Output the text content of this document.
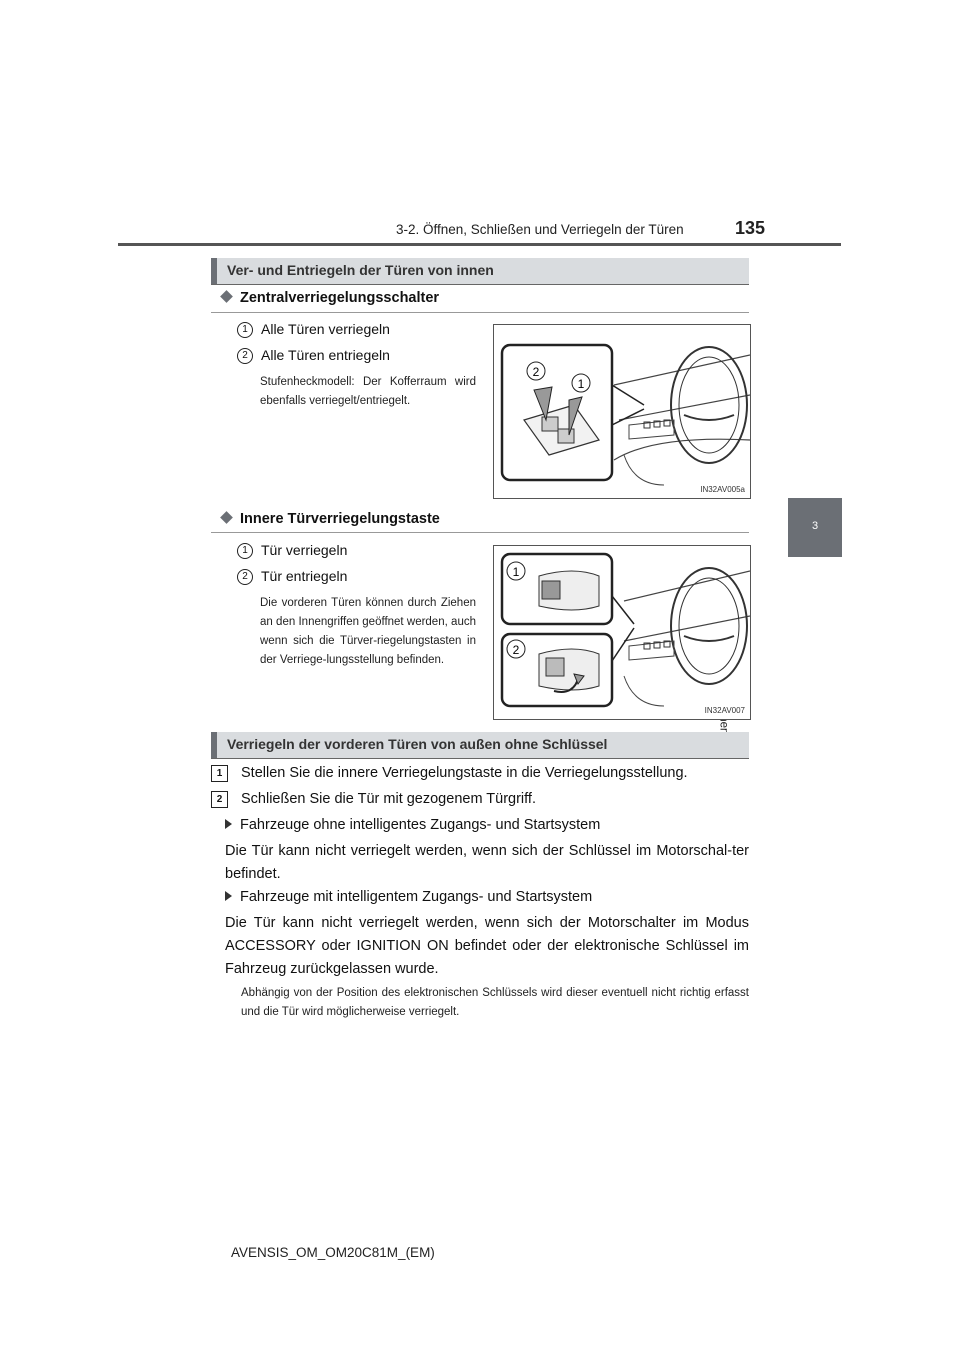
3-2. Öffnen, Schließen und Verriegeln der Türen	135
3
Ver- und Entriegeln der Türen von innen
Zentralverriegelungsschalter
1 Alle Türen verriegeln
2 Alle Türen entriegeln
Stufenheckmodell: Der Kofferraum wird ebenfalls verriegelt/entriegelt.
2
1
IN32AV005a
Innere Türverriegelungstaste
1 Tür verriegeln
2 Tür entriegeln
Die vorderen Türen können durch Ziehen an den Innengriffen geöffnet werden, auch wenn sich die Türver-riegelungstasten in der Verriege-lungsstellung befinden.
1
2
IN32AV007
Verriegeln der vorderen Türen von außen ohne Schlüssel
1	Stellen Sie die innere Verriegelungstaste in die Verriegelungsstellung.
2	Schließen Sie die Tür mit gezogenem Türgriff.
Fahrzeuge ohne intelligentes Zugangs- und Startsystem
Die Tür kann nicht verriegelt werden, wenn sich der Schlüssel im Motorschal-ter befindet.
Fahrzeuge mit intelligentem Zugangs- und Startsystem
Die Tür kann nicht verriegelt werden, wenn sich der Motorschalter im Modus ACCESSORY oder IGNITION ON befindet oder der elektronische Schlüssel im Fahrzeug zurückgelassen wurde.
Abhängig von der Position des elektronischen Schlüssels wird dieser eventuell nicht richtig erfasst und die Tür wird möglicherweise verriegelt.
AVENSIS_OM_OM20C81M_(EM)
